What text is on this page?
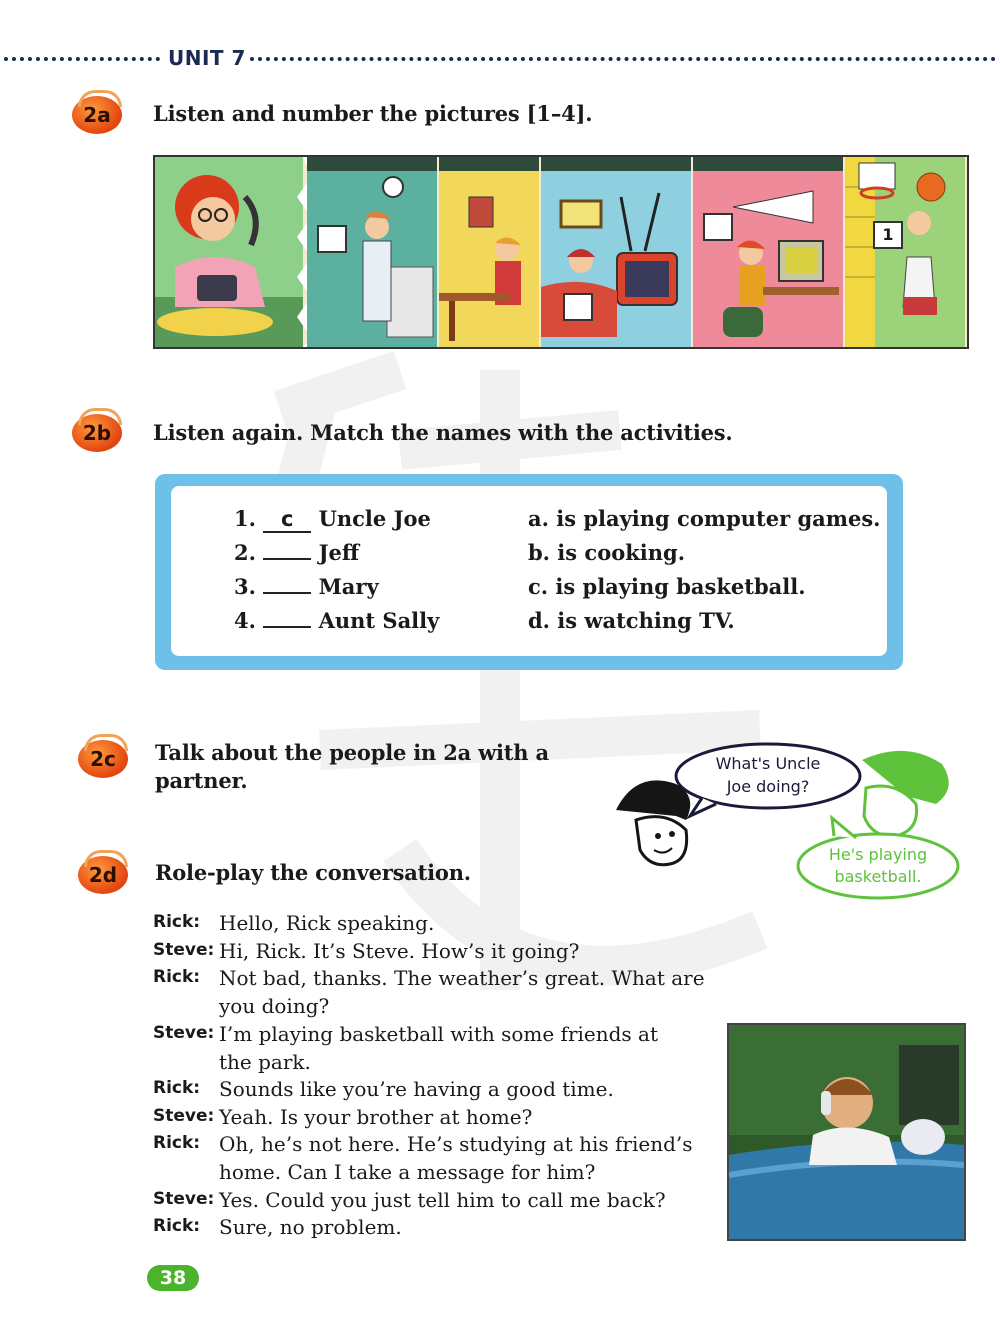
UNIT 7
2a	Listen and number the pictures [1–4].
1
2b	Listen again. Match the names with the activities.
1. c Uncle Joe
2.	Jeff
3.	Mary
4.	Aunt Sally
a. is playing computer games.
b. is cooking.
c. is playing basketball.
d. is watching TV.
2c	Talk about the people in 2a with a
partner.
What's Uncle
Joe doing?
He's playing
basketball.
2d	Role-play the conversation.
Rick: Hello, Rick speaking.
Steve: Hi, Rick. It’s Steve. How’s it going?
Rick: Not bad, thanks. The weather’s great. What are
you doing?
Steve: I’m playing basketball with some friends at
the park.
Rick: Sounds like you’re having a good time.
Steve: Yeah. Is your brother at home?
Rick: Oh, he’s not here. He’s studying at his friend’s
home. Can I take a message for him?
Steve: Yes. Could you just tell him to call me back?
Rick: Sure, no problem.
38
